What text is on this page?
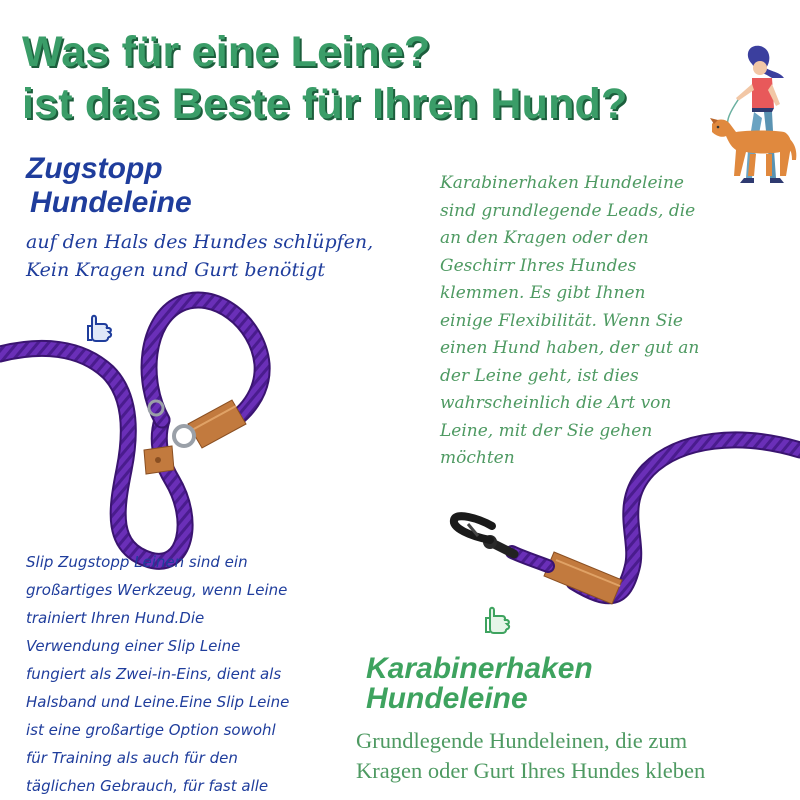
Was für eine Leine?
ist das Beste für Ihren Hund?
Zugstopp
Hundeleine

auf den Hals des Hundes schlüpfen,
Kein Kragen und Gurt benötigt

Karabinerhaken Hundeleine
sind grundlegende Leads, die
an den Kragen oder den
Geschirr Ihres Hundes
klemmen. Es gibt Ihnen
einige Flexibilität. Wenn Sie
einen Hund haben, der gut an
der Leine geht, ist dies
wahrscheinlich die Art von
Leine, mit der Sie gehen
möchten

Slip Zugstopp Leinen sind ein
großartiges Werkzeug, wenn Leine
trainiert Ihren Hund.Die
Verwendung einer Slip Leine
fungiert als Zwei-in-Eins, dient als
Halsband und Leine.Eine Slip Leine
ist eine großartige Option sowohl
für Training als auch für den
täglichen Gebrauch, für fast alle

Karabinerhaken
Hundeleine

Grundlegende Hundeleinen, die zum
Kragen oder Gurt Ihres Hundes kleben
